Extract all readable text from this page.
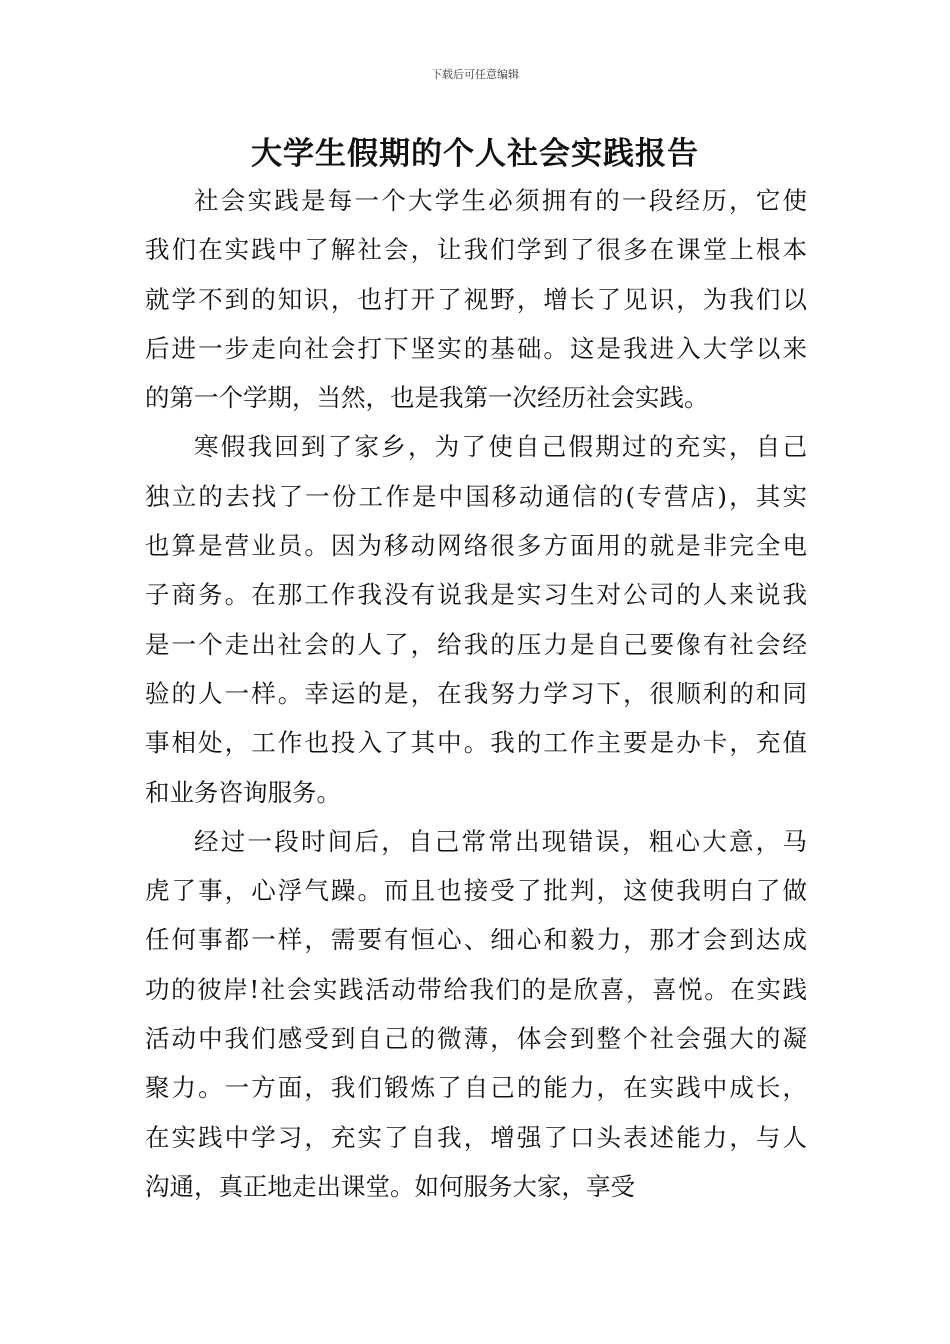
下载后可任意编辑
大学生假期的个人社会实践报告

社会实践是每一个大学生必须拥有的一段经历，它使
我们在实践中了解社会，让我们学到了很多在课堂上根本
就学不到的知识，也打开了视野，增长了见识，为我们以
后进一步走向社会打下坚实的基础。这是我进入大学以来
的第一个学期，当然，也是我第一次经历社会实践。

寒假我回到了家乡，为了使自己假期过的充实，自己
独立的去找了一份工作是中国移动通信的(专营店)，其实
也算是营业员。因为移动网络很多方面用的就是非完全电
子商务。在那工作我没有说我是实习生对公司的人来说我
是一个走出社会的人了，给我的压力是自己要像有社会经
验的人一样。幸运的是，在我努力学习下，很顺利的和同
事相处，工作也投入了其中。我的工作主要是办卡，充值
和业务咨询服务。

经过一段时间后，自己常常出现错误，粗心大意，马
虎了事，心浮气躁。而且也接受了批判，这使我明白了做
任何事都一样，需要有恒心、细心和毅力，那才会到达成
功的彼岸!社会实践活动带给我们的是欣喜，喜悦。在实践
活动中我们感受到自己的微薄，体会到整个社会强大的凝
聚力。一方面，我们锻炼了自己的能力，在实践中成长，
在实践中学习，充实了自我，增强了口头表述能力，与人
沟通，真正地走出课堂。如何服务大家，享受
